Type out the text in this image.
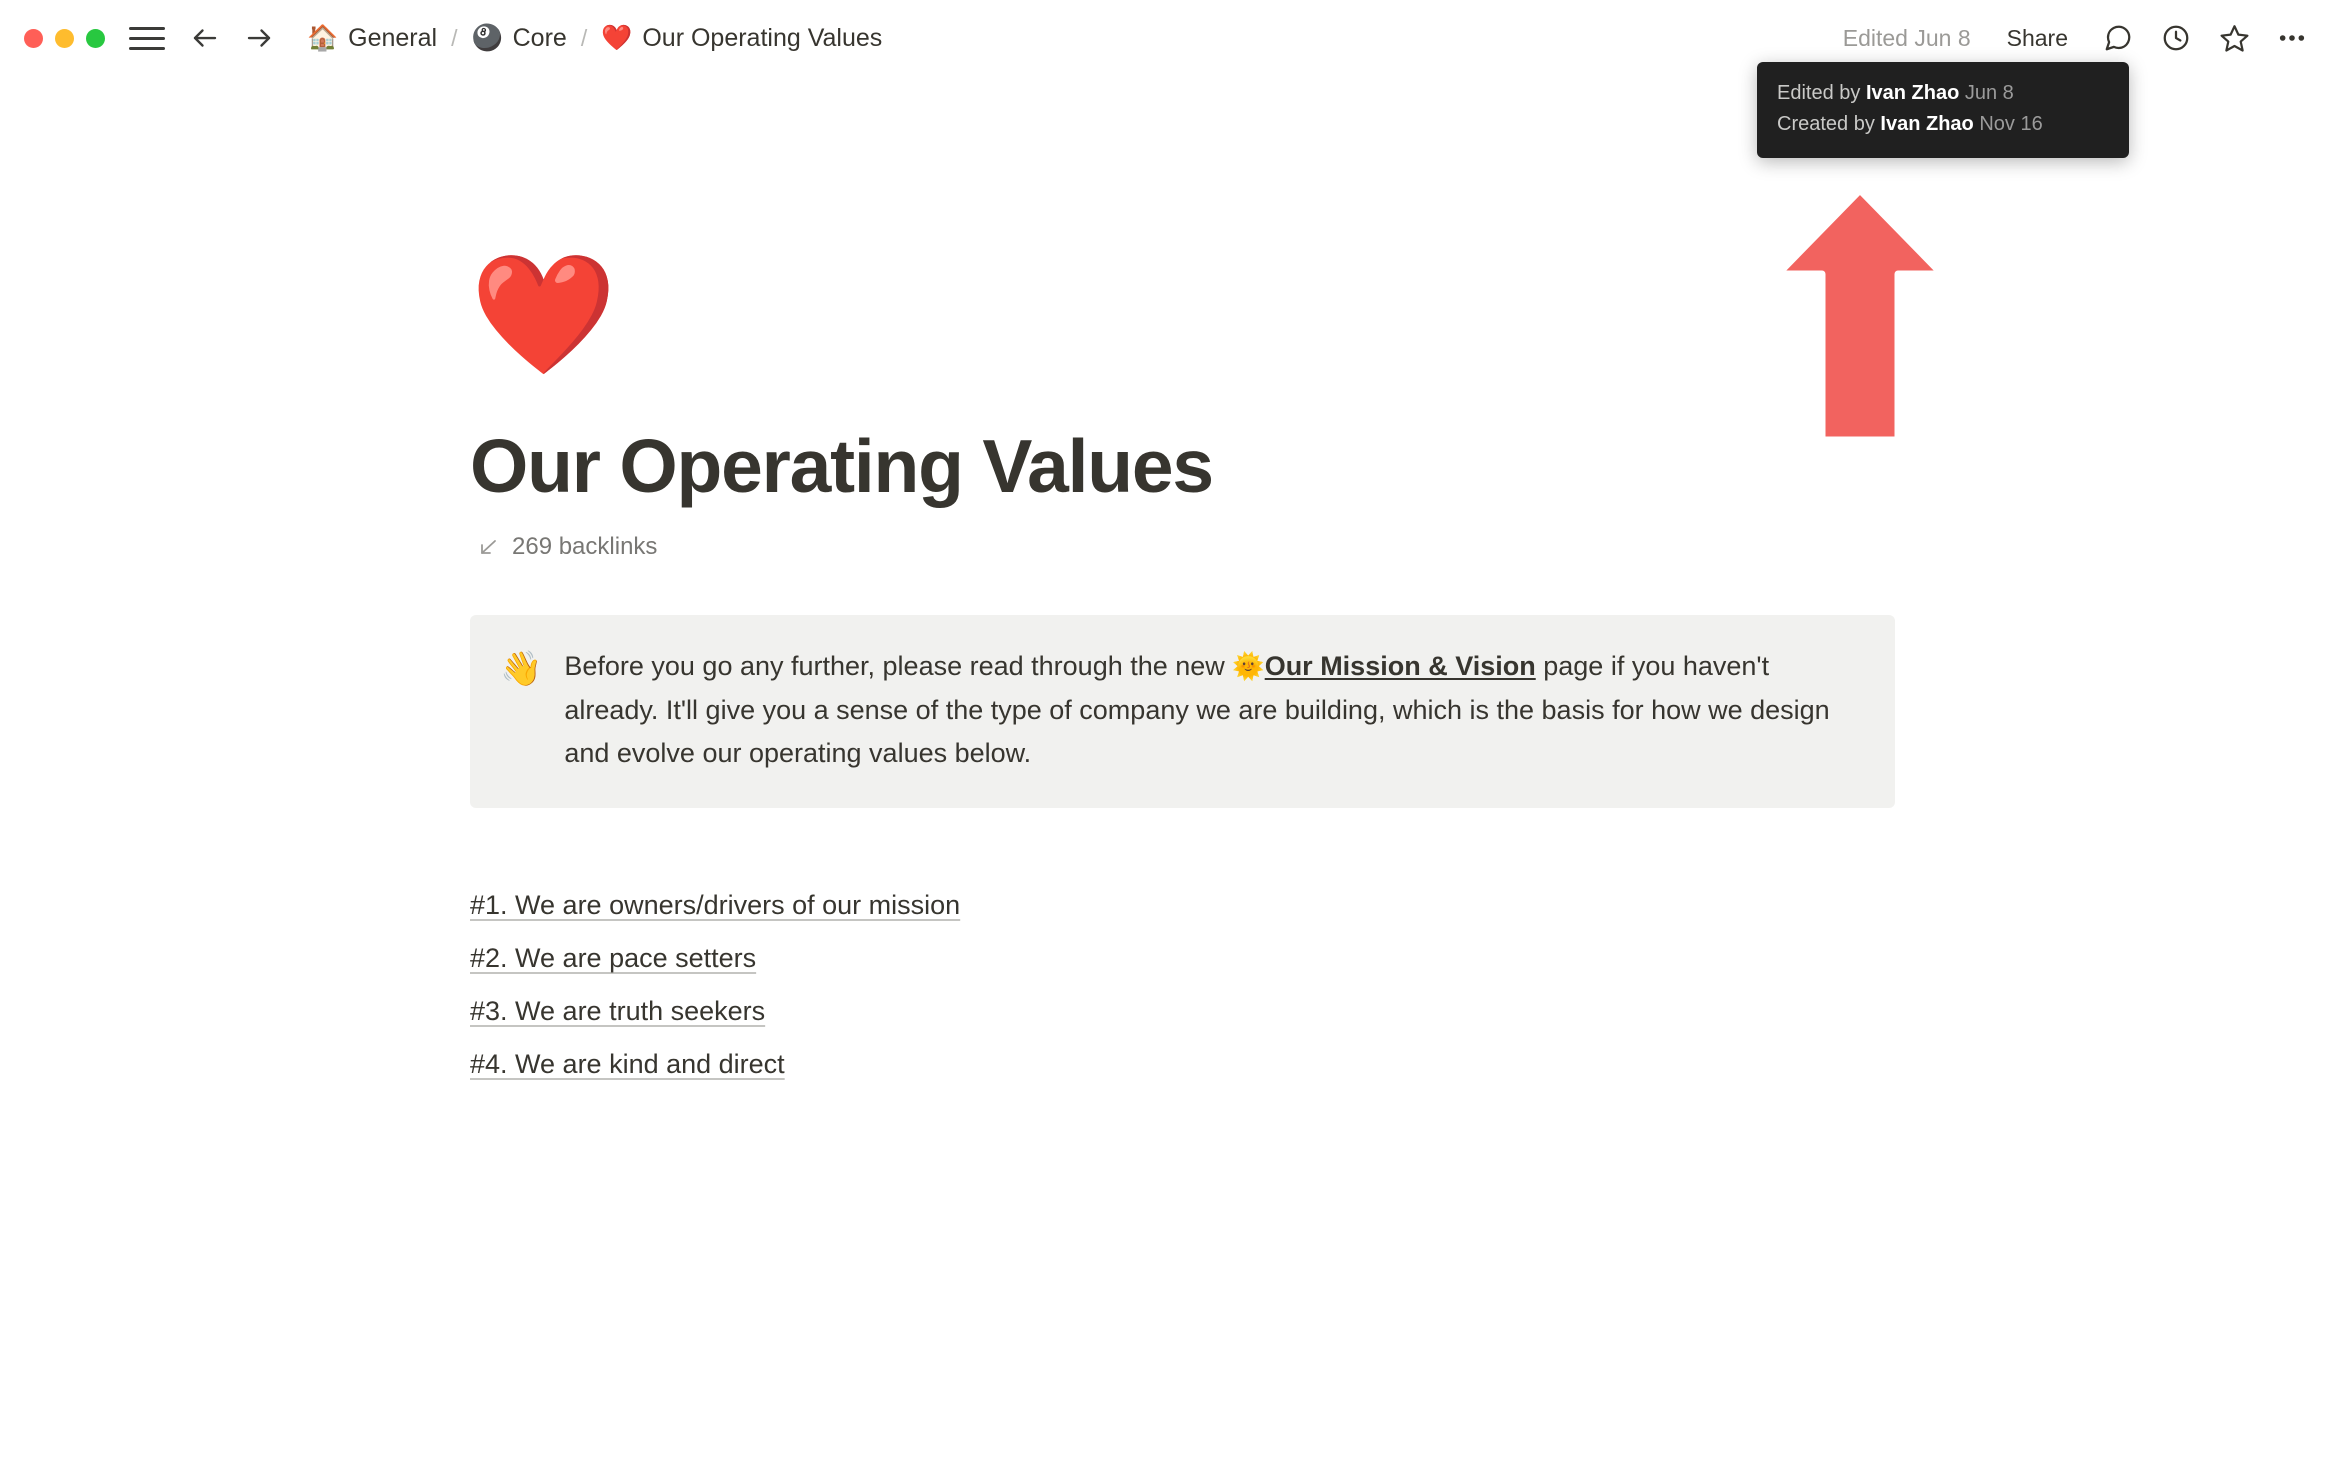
🏠 General / 🎱 Core / ❤️ Our Operating Values	Edited Jun 8	Share
Edited by Ivan Zhao Jun 8
Created by Ivan Zhao Nov 16
❤️
Our Operating Values
269 backlinks
👋 Before you go any further, please read through the new 🌞Our Mission & Vision page if you haven't already. It'll give you a sense of the type of company we are building, which is the basis for how we design and evolve our operating values below.
#1. We are owners/drivers of our mission
#2. We are pace setters
#3. We are truth seekers
#4. We are kind and direct
